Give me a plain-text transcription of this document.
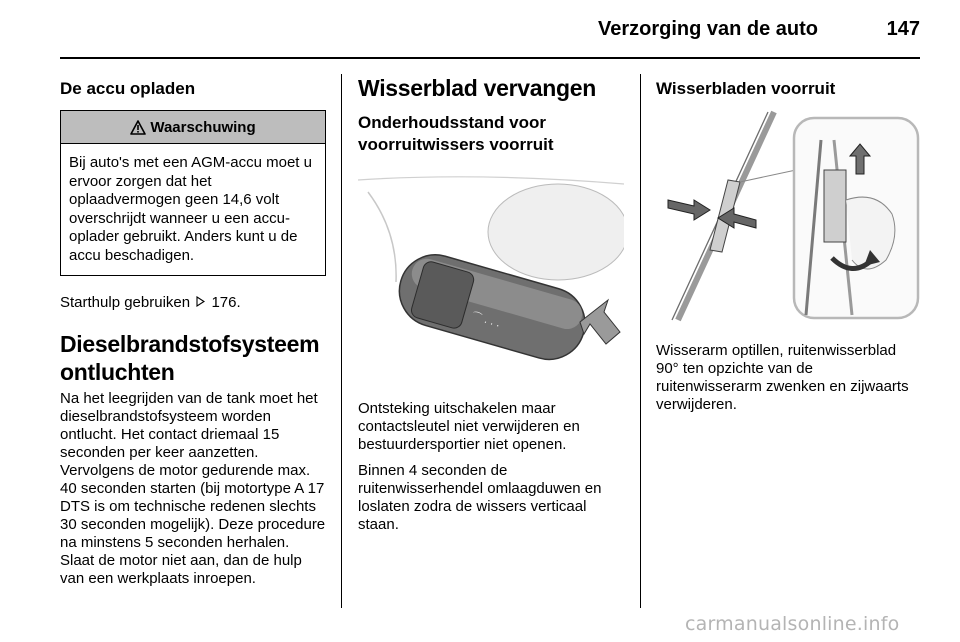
Verzorging van de auto	147
De accu opladen
Waarschuwing
Bij auto's met een AGM-accu moet u ervoor zorgen dat het oplaadvermogen geen 14,6 volt overschrijdt wanneer u een accu-oplader gebruikt. Anders kunt u de accu beschadigen.

Starthulp gebruiken 176.

Dieselbrandstofsysteem ontluchten

Na het leegrijden van de tank moet het dieselbrandstofsysteem worden ontlucht. Het contact driemaal 15 seconden per keer aanzetten. Vervolgens de motor gedurende max. 40 seconden starten (bij motortype A 17 DTS is om technische redenen slechts 30 seconden mogelijk). Deze procedure na minstens 5 seconden herhalen. Slaat de motor niet aan, dan de hulp van een werkplaats inroepen.

Wisserblad vervangen
Onderhoudsstand voor voorruitwissers voorruit
⌒ . . .

Ontsteking uitschakelen maar contactsleutel niet verwijderen en bestuurdersportier niet openen.

Binnen 4 seconden de ruitenwisserhendel omlaagduwen en loslaten zodra de wissers verticaal staan.

Wisserbladen voorruit

Wisserarm optillen, ruitenwisserblad 90° ten opzichte van de ruitenwisserarm zwenken en zijwaarts verwijderen.

carmanualsonline.info
